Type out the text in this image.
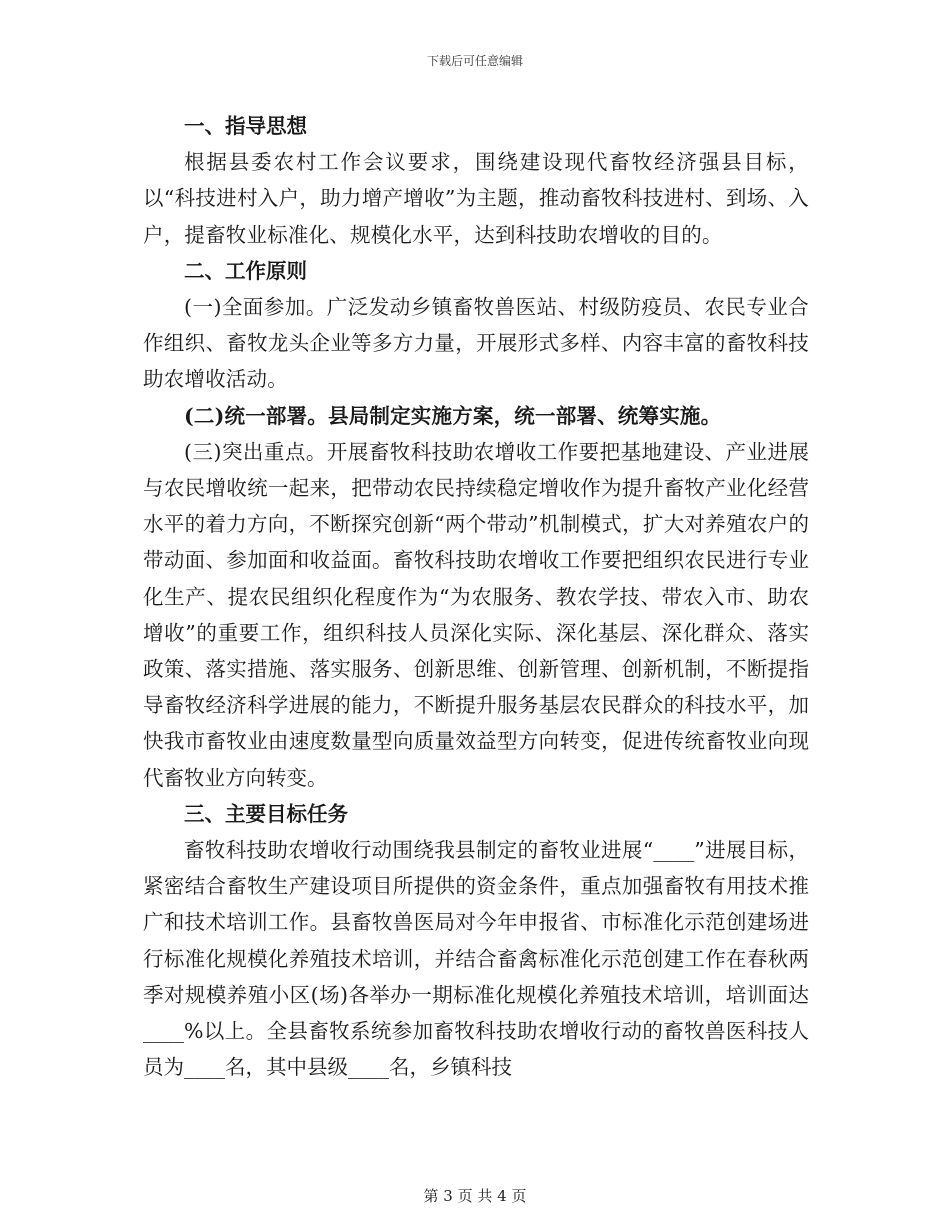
下载后可任意编辑
一、指导思想

根据县委农村工作会议要求，围绕建设现代畜牧经济强县目标，以“科技进村入户，助力增产增收”为主题，推动畜牧科技进村、到场、入户，提畜牧业标准化、规模化水平，达到科技助农增收的目的。

二、工作原则

(一)全面参加。广泛发动乡镇畜牧兽医站、村级防疫员、农民专业合作组织、畜牧龙头企业等多方力量，开展形式多样、内容丰富的畜牧科技助农增收活动。

(二)统一部署。县局制定实施方案，统一部署、统筹实施。

(三)突出重点。开展畜牧科技助农增收工作要把基地建设、产业进展与农民增收统一起来，把带动农民持续稳定增收作为提升畜牧产业化经营水平的着力方向，不断探究创新“两个带动”机制模式，扩大对养殖农户的带动面、参加面和收益面。畜牧科技助农增收工作要把组织农民进行专业化生产、提农民组织化程度作为“为农服务、教农学技、带农入市、助农增收”的重要工作，组织科技人员深化实际、深化基层、深化群众、落实政策、落实措施、落实服务、创新思维、创新管理、创新机制，不断提指导畜牧经济科学进展的能力，不断提升服务基层农民群众的科技水平，加快我市畜牧业由速度数量型向质量效益型方向转变，促进传统畜牧业向现代畜牧业方向转变。

三、主要目标任务

畜牧科技助农增收行动围绕我县制定的畜牧业进展“____”进展目标，紧密结合畜牧生产建设项目所提供的资金条件，重点加强畜牧有用技术推广和技术培训工作。县畜牧兽医局对今年申报省、市标准化示范创建场进行标准化规模化养殖技术培训，并结合畜禽标准化示范创建工作在春秋两季对规模养殖小区(场)各举办一期标准化规模化养殖技术培训，培训面达____%以上。全县畜牧系统参加畜牧科技助农增收行动的畜牧兽医科技人员为____名，其中县级____名，乡镇科技

第 3 页 共 4 页
